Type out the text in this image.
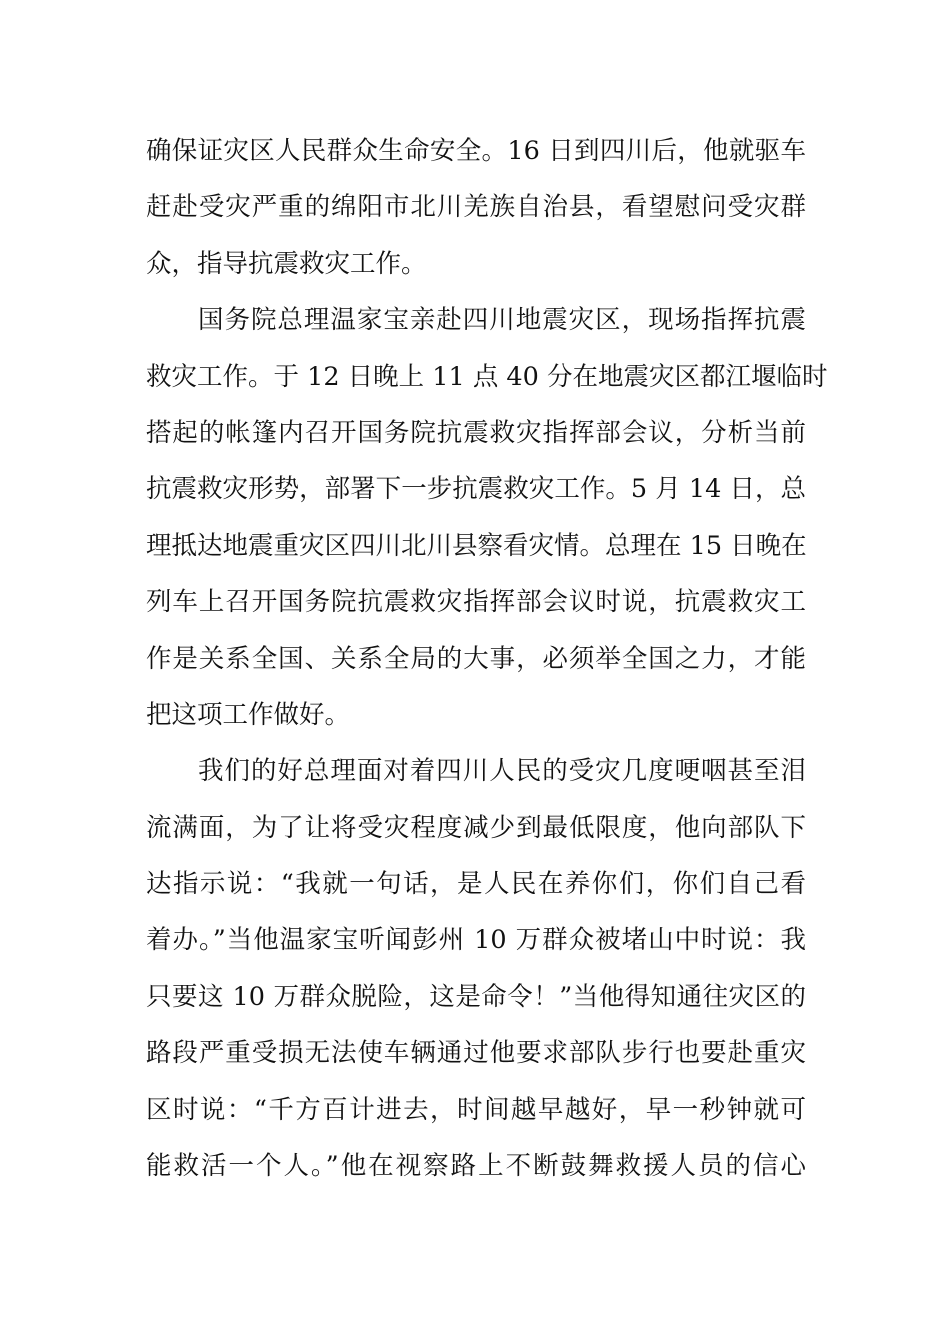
确保证灾区人民群众生命安全。16 日到四川后，他就驱车
赶赴受灾严重的绵阳市北川羌族自治县，看望慰问受灾群
众，指导抗震救灾工作。
国务院总理温家宝亲赴四川地震灾区，现场指挥抗震
救灾工作。于 12 日晚上 11 点 40 分在地震灾区都江堰临时
搭起的帐篷内召开国务院抗震救灾指挥部会议，分析当前
抗震救灾形势，部署下一步抗震救灾工作。5 月 14 日，总
理抵达地震重灾区四川北川县察看灾情。总理在 15 日晚在
列车上召开国务院抗震救灾指挥部会议时说，抗震救灾工
作是关系全国、关系全局的大事，必须举全国之力，才能
把这项工作做好。
我们的好总理面对着四川人民的受灾几度哽咽甚至泪
流满面，为了让将受灾程度减少到最低限度，他向部队下
达指示说：“我就一句话，是人民在养你们，你们自己看
着办。”当他温家宝听闻彭州 10 万群众被堵山中时说：我
只要这 10 万群众脱险，这是命令！”当他得知通往灾区的
路段严重受损无法使车辆通过他要求部队步行也要赴重灾
区时说：“千方百计进去，时间越早越好，早一秒钟就可
能救活一个人。”他在视察路上不断鼓舞救援人员的信心
